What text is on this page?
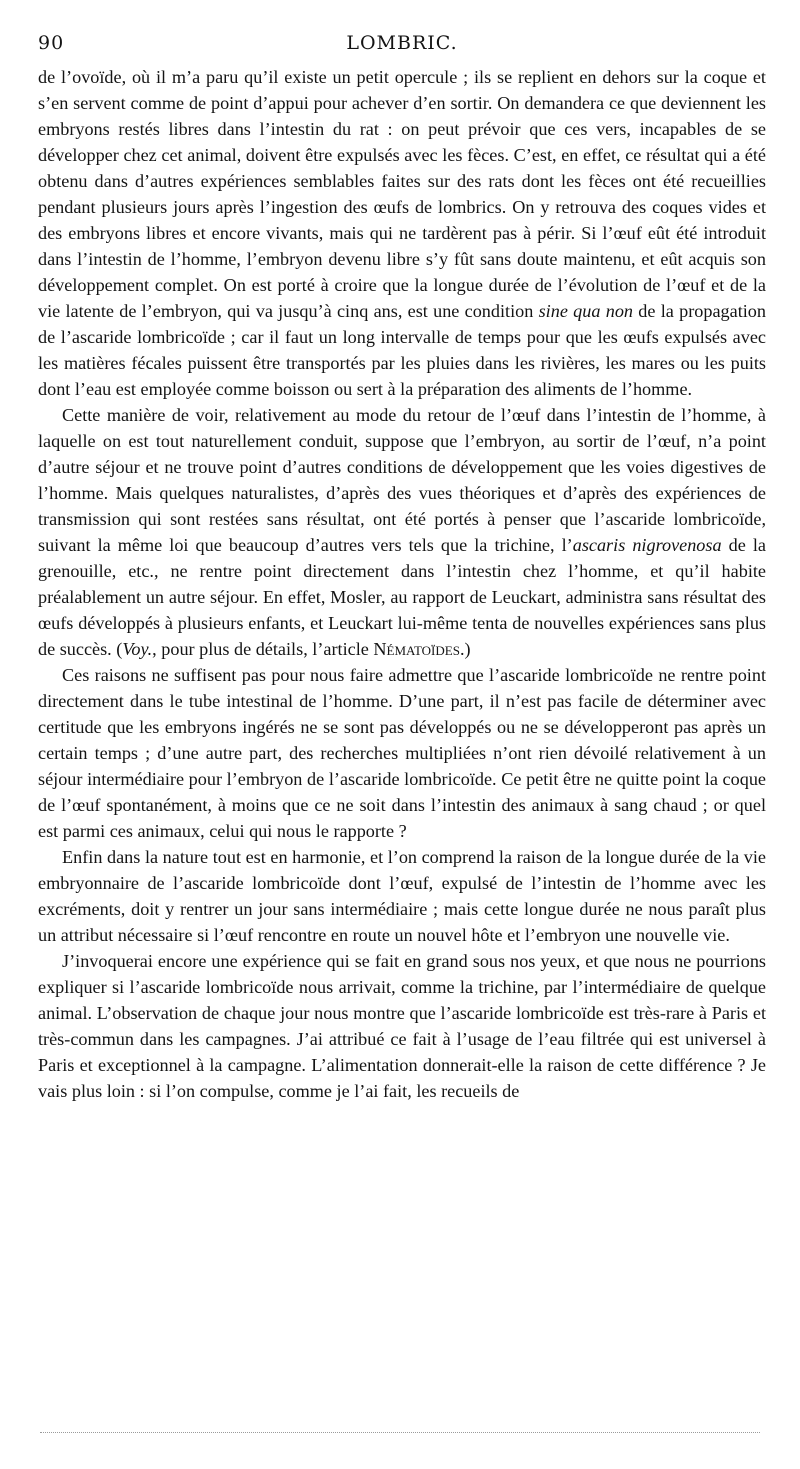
90	LOMBRIC.

de l’ovoïde, où il m’a paru qu’il existe un petit opercule ; ils se replient en dehors sur la coque et s’en servent comme de point d’appui pour achever d’en sortir. On demandera ce que deviennent les embryons restés libres dans l’intestin du rat : on peut prévoir que ces vers, incapables de se développer chez cet animal, doivent être expulsés avec les fèces. C’est, en effet, ce résultat qui a été obtenu dans d’autres expériences semblables faites sur des rats dont les fèces ont été recueillies pendant plusieurs jours après l’ingestion des œufs de lombrics. On y retrouva des coques vides et des embryons libres et encore vivants, mais qui ne tardèrent pas à périr. Si l’œuf eût été introduit dans l’intestin de l’homme, l’embryon devenu libre s’y fût sans doute maintenu, et eût acquis son développement complet. On est porté à croire que la longue durée de l’évolution de l’œuf et de la vie latente de l’embryon, qui va jusqu’à cinq ans, est une condition sine qua non de la propagation de l’ascaride lombricoïde ; car il faut un long intervalle de temps pour que les œufs expulsés avec les matières fécales puissent être transportés par les pluies dans les rivières, les mares ou les puits dont l’eau est employée comme boisson ou sert à la préparation des aliments de l’homme.

Cette manière de voir, relativement au mode du retour de l’œuf dans l’intestin de l’homme, à laquelle on est tout naturellement conduit, suppose que l’embryon, au sortir de l’œuf, n’a point d’autre séjour et ne trouve point d’autres conditions de développement que les voies digestives de l’homme. Mais quelques naturalistes, d’après des vues théoriques et d’après des expériences de transmission qui sont restées sans résultat, ont été portés à penser que l’ascaride lombricoïde, suivant la même loi que beaucoup d’autres vers tels que la trichine, l’ascaris nigrovenosa de la grenouille, etc., ne rentre point directement dans l’intestin chez l’homme, et qu’il habite préalablement un autre séjour. En effet, Mosler, au rapport de Leuckart, administra sans résultat des œufs développés à plusieurs enfants, et Leuckart lui-même tenta de nouvelles expériences sans plus de succès. (Voy., pour plus de détails, l’article Nématoïdes.)

Ces raisons ne suffisent pas pour nous faire admettre que l’ascaride lombricoïde ne rentre point directement dans le tube intestinal de l’homme. D’une part, il n’est pas facile de déterminer avec certitude que les embryons ingérés ne se sont pas développés ou ne se développeront pas après un certain temps ; d’une autre part, des recherches multipliées n’ont rien dévoilé relativement à un séjour intermédiaire pour l’embryon de l’ascaride lombricoïde. Ce petit être ne quitte point la coque de l’œuf spontanément, à moins que ce ne soit dans l’intestin des animaux à sang chaud ; or quel est parmi ces animaux, celui qui nous le rapporte ?

Enfin dans la nature tout est en harmonie, et l’on comprend la raison de la longue durée de la vie embryonnaire de l’ascaride lombricoïde dont l’œuf, expulsé de l’intestin de l’homme avec les excréments, doit y rentrer un jour sans intermédiaire ; mais cette longue durée ne nous paraît plus un attribut nécessaire si l’œuf rencontre en route un nouvel hôte et l’embryon une nouvelle vie.

J’invoquerai encore une expérience qui se fait en grand sous nos yeux, et que nous ne pourrions expliquer si l’ascaride lombricoïde nous arrivait, comme la trichine, par l’intermédiaire de quelque animal. L’observation de chaque jour nous montre que l’ascaride lombricoïde est très-rare à Paris et très-commun dans les campagnes. J’ai attribué ce fait à l’usage de l’eau filtrée qui est universel à Paris et exceptionnel à la campagne. L’alimentation donnerait-elle la raison de cette différence ? Je vais plus loin : si l’on compulse, comme je l’ai fait, les recueils de
